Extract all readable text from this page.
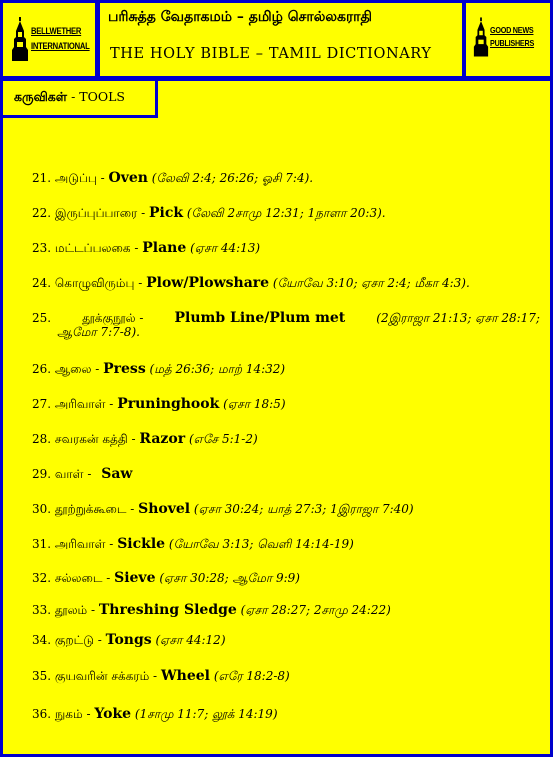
BELLWETHER
INTERNATIONAL
பரிசுத்த வேதாகமம் – தமிழ் சொல்லகராதி
THE HOLY BIBLE – TAMIL DICTIONARY
GOOD NEWS
PUBLISHERS
கருவிகள் - TOOLS
21. அடுப்பு - Oven (லேவி 2:4; 26:26; ஓசி 7:4).
22. இருப்புப்பாரை - Pick (லேவி 2சாமு 12:31; 1நாளா 20:3).
23. மட்டப்பலகை - Plane (ஏசா 44:13)
24. கொழுவிரும்பு - Plow/Plowshare (யோவே 3:10; ஏசா 2:4; மீகா 4:3).
25.	தூக்குநூல் - Plumb Line/Plum met	(2இராஜா 21:13; ஏசா 28:17;
ஆமோ 7:7-8).
26. ஆலை - Press (மத் 26:36; மாற் 14:32)
27. அரிவாள் - Pruninghook (ஏசா 18:5)
28. சவரகன் கத்தி - Razor (எசே 5:1-2)
29. வாள் - Saw
30. தூற்றுக்கூடை - Shovel (ஏசா 30:24; யாத் 27:3; 1இராஜா 7:40)
31. அரிவாள் - Sickle (யோவே 3:13; வெளி 14:14-19)
32. சல்லடை - Sieve (ஏசா 30:28; ஆமோ 9:9)
33. தூலம் - Threshing Sledge (ஏசா 28:27; 2சாமு 24:22)
34. குறட்டு - Tongs (ஏசா 44:12)
35. குயவரின் சக்கரம் - Wheel (எரே 18:2-8)
36. நுகம் - Yoke (1சாமு 11:7; லூக் 14:19)
